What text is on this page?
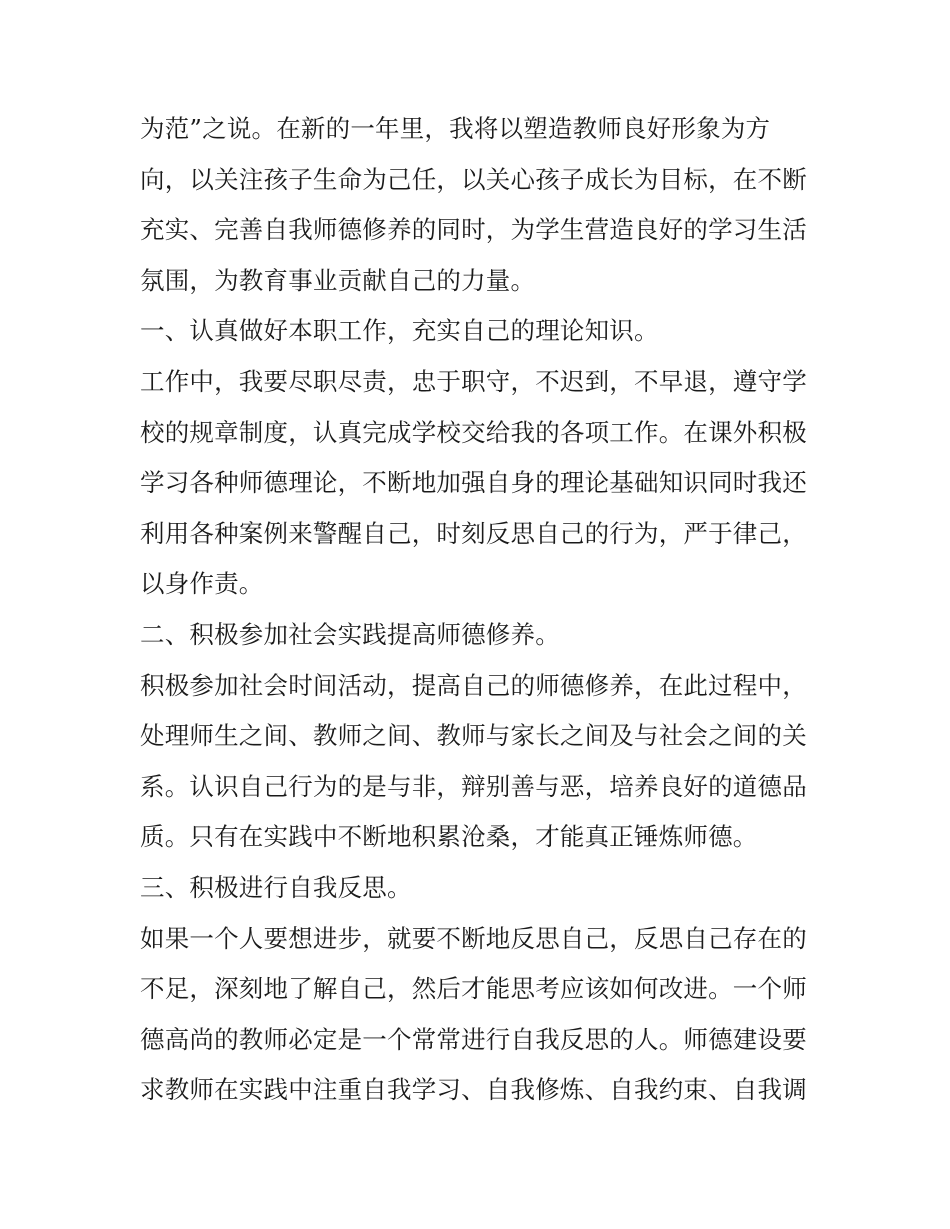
为范”之说。在新的一年里，我将以塑造教师良好形象为方
向，以关注孩子生命为己任，以关心孩子成长为目标，在不断
充实、完善自我师德修养的同时，为学生营造良好的学习生活
氛围，为教育事业贡献自己的力量。
一、认真做好本职工作，充实自己的理论知识。
工作中，我要尽职尽责，忠于职守，不迟到，不早退，遵守学
校的规章制度，认真完成学校交给我的各项工作。在课外积极
学习各种师德理论，不断地加强自身的理论基础知识同时我还
利用各种案例来警醒自己，时刻反思自己的行为，严于律己，
以身作责。
二、积极参加社会实践提高师德修养。
积极参加社会时间活动，提高自己的师德修养，在此过程中，
处理师生之间、教师之间、教师与家长之间及与社会之间的关
系。认识自己行为的是与非，辩别善与恶，培养良好的道德品
质。只有在实践中不断地积累沧桑，才能真正锤炼师德。
三、积极进行自我反思。
如果一个人要想进步，就要不断地反思自己，反思自己存在的
不足，深刻地了解自己，然后才能思考应该如何改进。一个师
德高尚的教师必定是一个常常进行自我反思的人。师德建设要
求教师在实践中注重自我学习、自我修炼、自我约束、自我调
